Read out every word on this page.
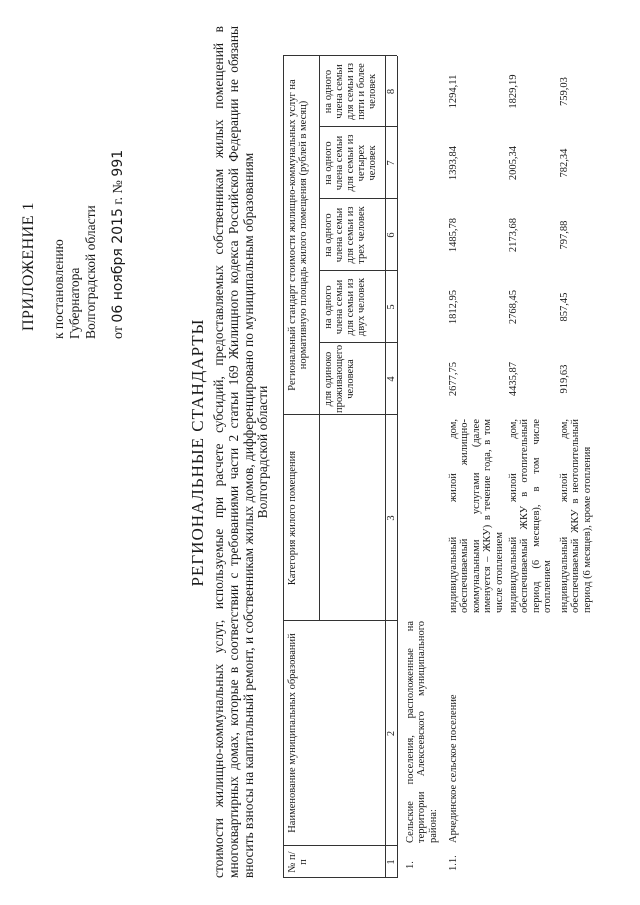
ПРИЛОЖЕНИЕ 1 к постановлению Губернатора Волгоградской области от 06 ноября 2015 г. № 991
РЕГИОНАЛЬНЫЕ СТАНДАРТЫ стоимости жилищно-коммунальных услуг, используемые при расчете субсидий, предоставляемых собственникам жилых помещений в многоквартирных домах, которые в соответствии с требованиями части 2 статьи 169 Жилищного кодекса Российской Федерации не обязаны вносить взносы на капитальный ремонт, и собственникам жилых домов, дифференцировано по муниципальным образованиям Волгоградской области
№ п/п
Наименование муниципальных образований
Категория жилого помещения
Региональный стандарт стоимости жилищно-коммунальных услуг на нормативную площадь жилого помещения (рублей в месяц)
для одиноко проживающего человека
на одного члена семьи для семьи из двух человек
на одного члена семьи для семьи из трех человек
на одного члена семьи для семьи из четырех человек
на одного члена семьи для семьи из пяти и более человек
1
2
3
4
5
6
7
8
1.
Сельские поселения, расположенные на территории Алексеевского муниципального района:
1.1.
Арчединское сельское поселение
индивидуальный жилой дом, обеспечиваемый жилищно-коммунальными услугами (далее именуется – ЖКУ) в течение года, в том числе отоплением
2677,75
1812,95
1485,78
1393,84
1294,11
индивидуальный жилой дом, обеспечиваемый ЖКУ в отопительный период (6 месяцев), в том числе отоплением
4435,87
2768,45
2173,68
2005,34
1829,19
индивидуальный жилой дом, обеспечиваемый ЖКУ в неотопительный период (6 месяцев), кроме отопления
919,63
857,45
797,88
782,34
759,03
